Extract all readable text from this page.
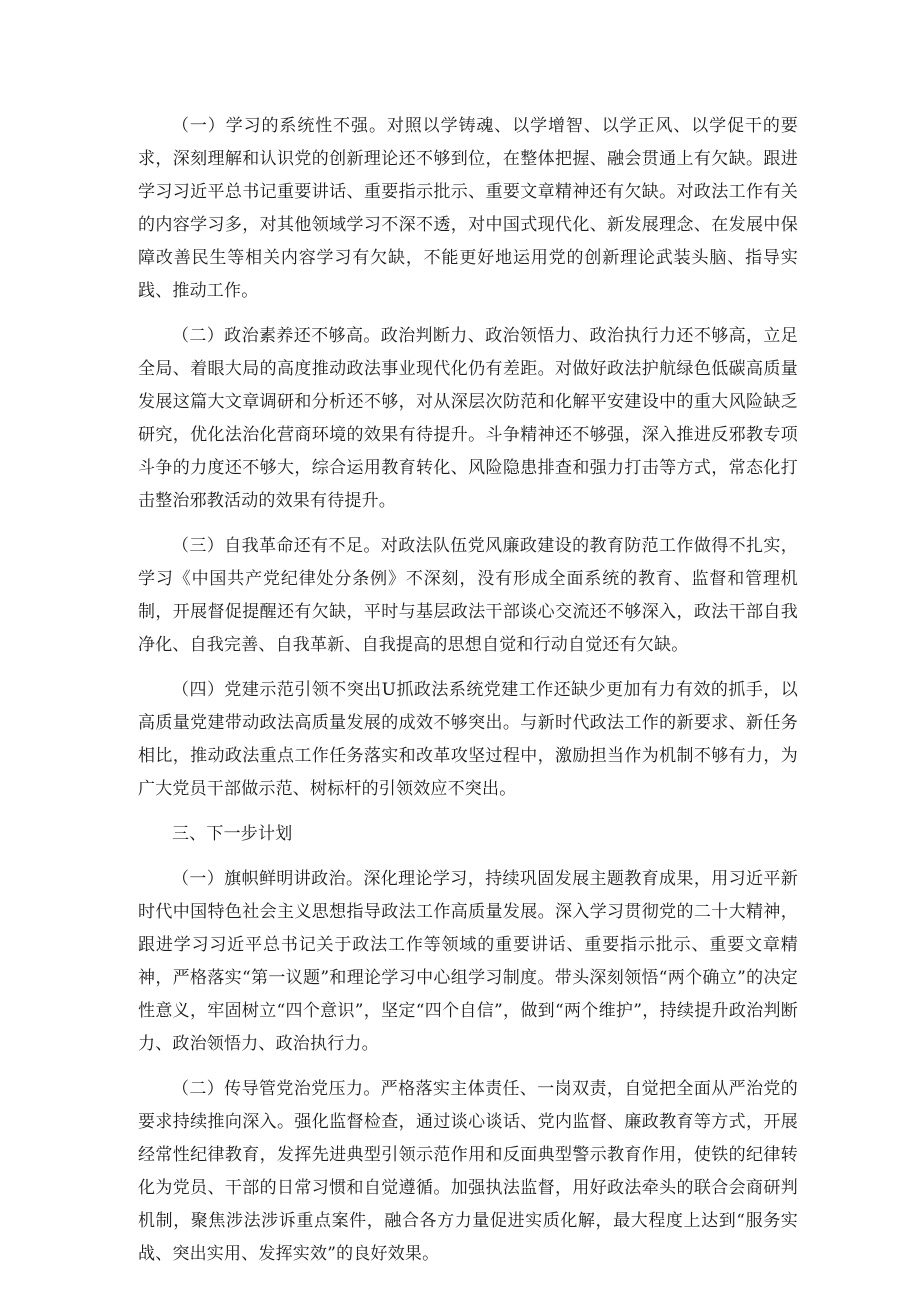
（一）学习的系统性不强。对照以学铸魂、以学增智、以学正风、以学促干的要求，深刻理解和认识党的创新理论还不够到位，在整体把握、融会贯通上有欠缺。跟进学习习近平总书记重要讲话、重要指示批示、重要文章精神还有欠缺。对政法工作有关的内容学习多，对其他领域学习不深不透，对中国式现代化、新发展理念、在发展中保障改善民生等相关内容学习有欠缺，不能更好地运用党的创新理论武装头脑、指导实践、推动工作。

（二）政治素养还不够高。政治判断力、政治领悟力、政治执行力还不够高，立足全局、着眼大局的高度推动政法事业现代化仍有差距。对做好政法护航绿色低碳高质量发展这篇大文章调研和分析还不够，对从深层次防范和化解平安建设中的重大风险缺乏研究，优化法治化营商环境的效果有待提升。斗争精神还不够强，深入推进反邪教专项斗争的力度还不够大，综合运用教育转化、风险隐患排查和强力打击等方式，常态化打击整治邪教活动的效果有待提升。

（三）自我革命还有不足。对政法队伍党风廉政建设的教育防范工作做得不扎实，学习《中国共产党纪律处分条例》不深刻，没有形成全面系统的教育、监督和管理机制，开展督促提醒还有欠缺，平时与基层政法干部谈心交流还不够深入，政法干部自我净化、自我完善、自我革新、自我提高的思想自觉和行动自觉还有欠缺。

（四）党建示范引领不突出U抓政法系统党建工作还缺少更加有力有效的抓手，以高质量党建带动政法高质量发展的成效不够突出。与新时代政法工作的新要求、新任务相比，推动政法重点工作任务落实和改革攻坚过程中，激励担当作为机制不够有力，为广大党员干部做示范、树标杆的引领效应不突出。

三、下一步计划

（一）旗帜鲜明讲政治。深化理论学习，持续巩固发展主题教育成果，用习近平新时代中国特色社会主义思想指导政法工作高质量发展。深入学习贯彻党的二十大精神，跟进学习习近平总书记关于政法工作等领域的重要讲话、重要指示批示、重要文章精神，严格落实“第一议题”和理论学习中心组学习制度。带头深刻领悟“两个确立”的决定性意义，牢固树立“四个意识”，坚定“四个自信”，做到“两个维护”，持续提升政治判断力、政治领悟力、政治执行力。

（二）传导管党治党压力。严格落实主体责任、一岗双责，自觉把全面从严治党的要求持续推向深入。强化监督检查，通过谈心谈话、党内监督、廉政教育等方式，开展经常性纪律教育，发挥先进典型引领示范作用和反面典型警示教育作用，使铁的纪律转化为党员、干部的日常习惯和自觉遵循。加强执法监督，用好政法牵头的联合会商研判机制，聚焦涉法涉诉重点案件，融合各方力量促进实质化解，最大程度上达到“服务实战、突出实用、发挥实效”的良好效果。
